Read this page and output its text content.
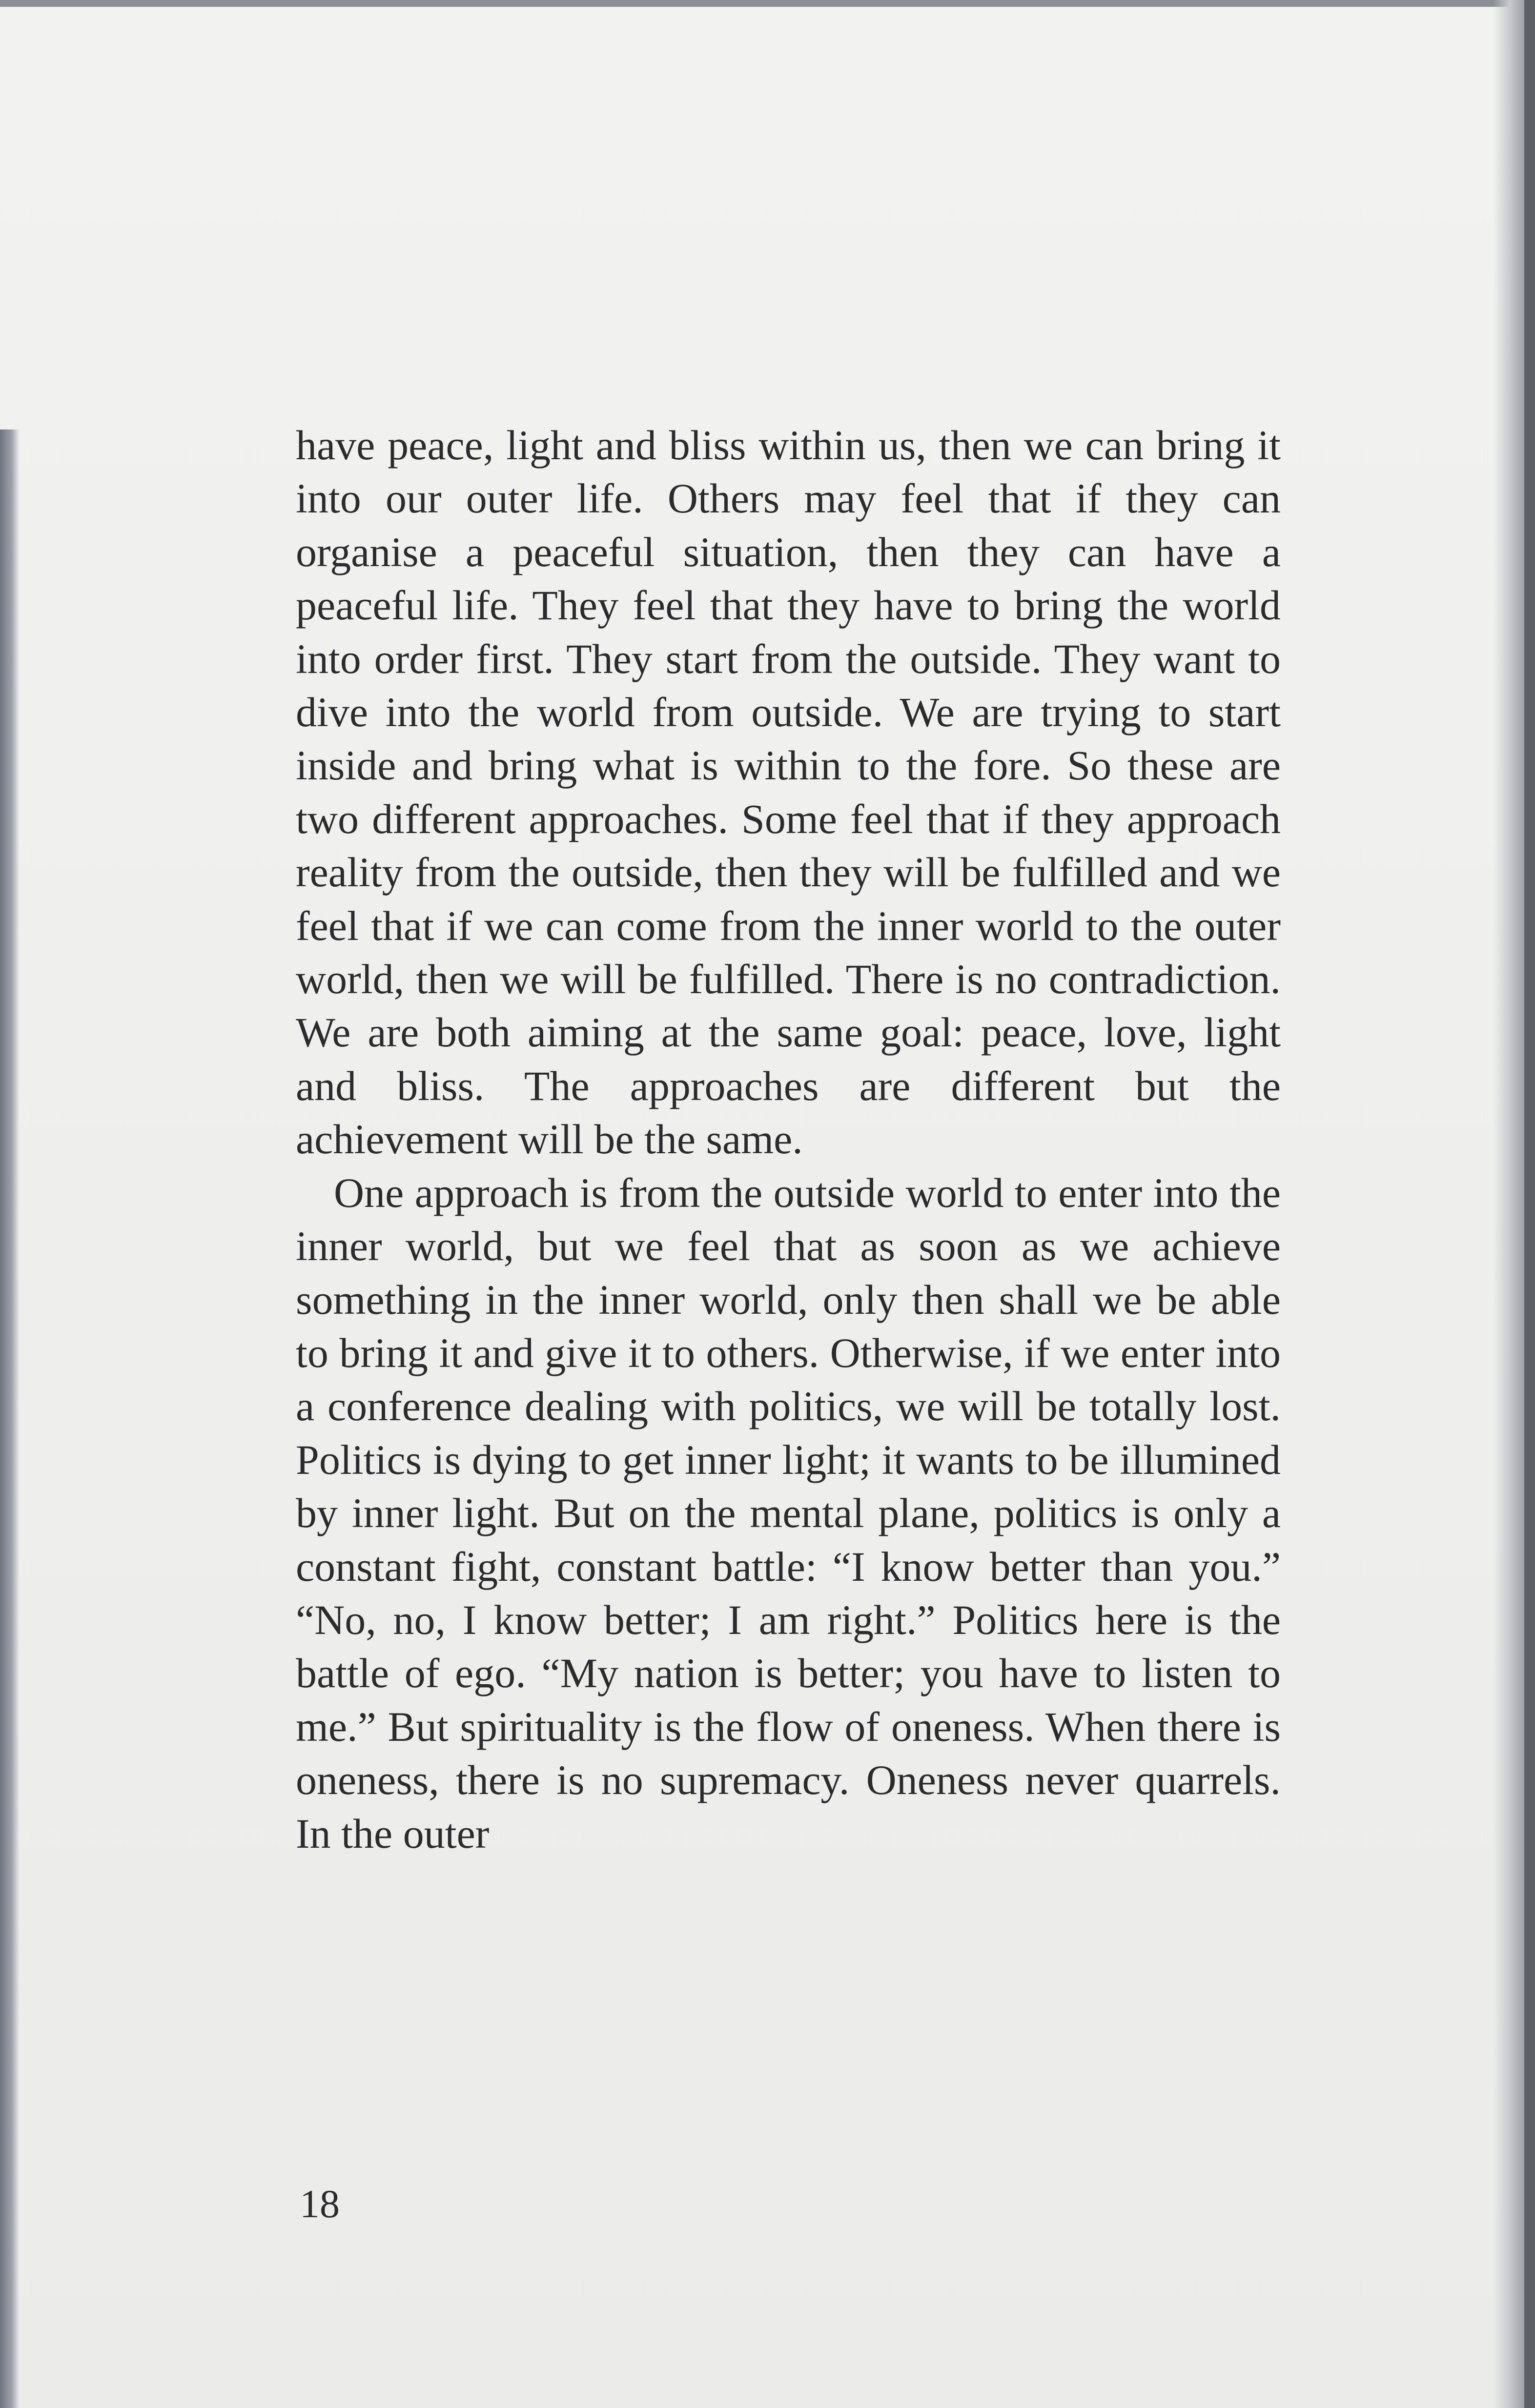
have peace, light and bliss within us, then we can bring it into our outer life. Others may feel that if they can organise a peaceful situation, then they can have a peaceful life. They feel that they have to bring the world into order first. They start from the outside. They want to dive into the world from outside. We are trying to start inside and bring what is within to the fore. So these are two different approaches. Some feel that if they approach reality from the outside, then they will be fulfilled and we feel that if we can come from the inner world to the outer world, then we will be fulfilled. There is no contradiction. We are both aiming at the same goal: peace, love, light and bliss. The approaches are different but the achievement will be the same.

One approach is from the outside world to enter into the inner world, but we feel that as soon as we achieve something in the inner world, only then shall we be able to bring it and give it to others. Otherwise, if we enter into a conference dealing with politics, we will be totally lost. Politics is dying to get inner light; it wants to be illumined by inner light. But on the mental plane, politics is only a constant fight, constant battle: “I know better than you.” “No, no, I know better; I am right.” Politics here is the battle of ego. “My nation is better; you have to listen to me.” But spirituality is the flow of oneness. When there is oneness, there is no supremacy. Oneness never quarrels. In the outer

18
